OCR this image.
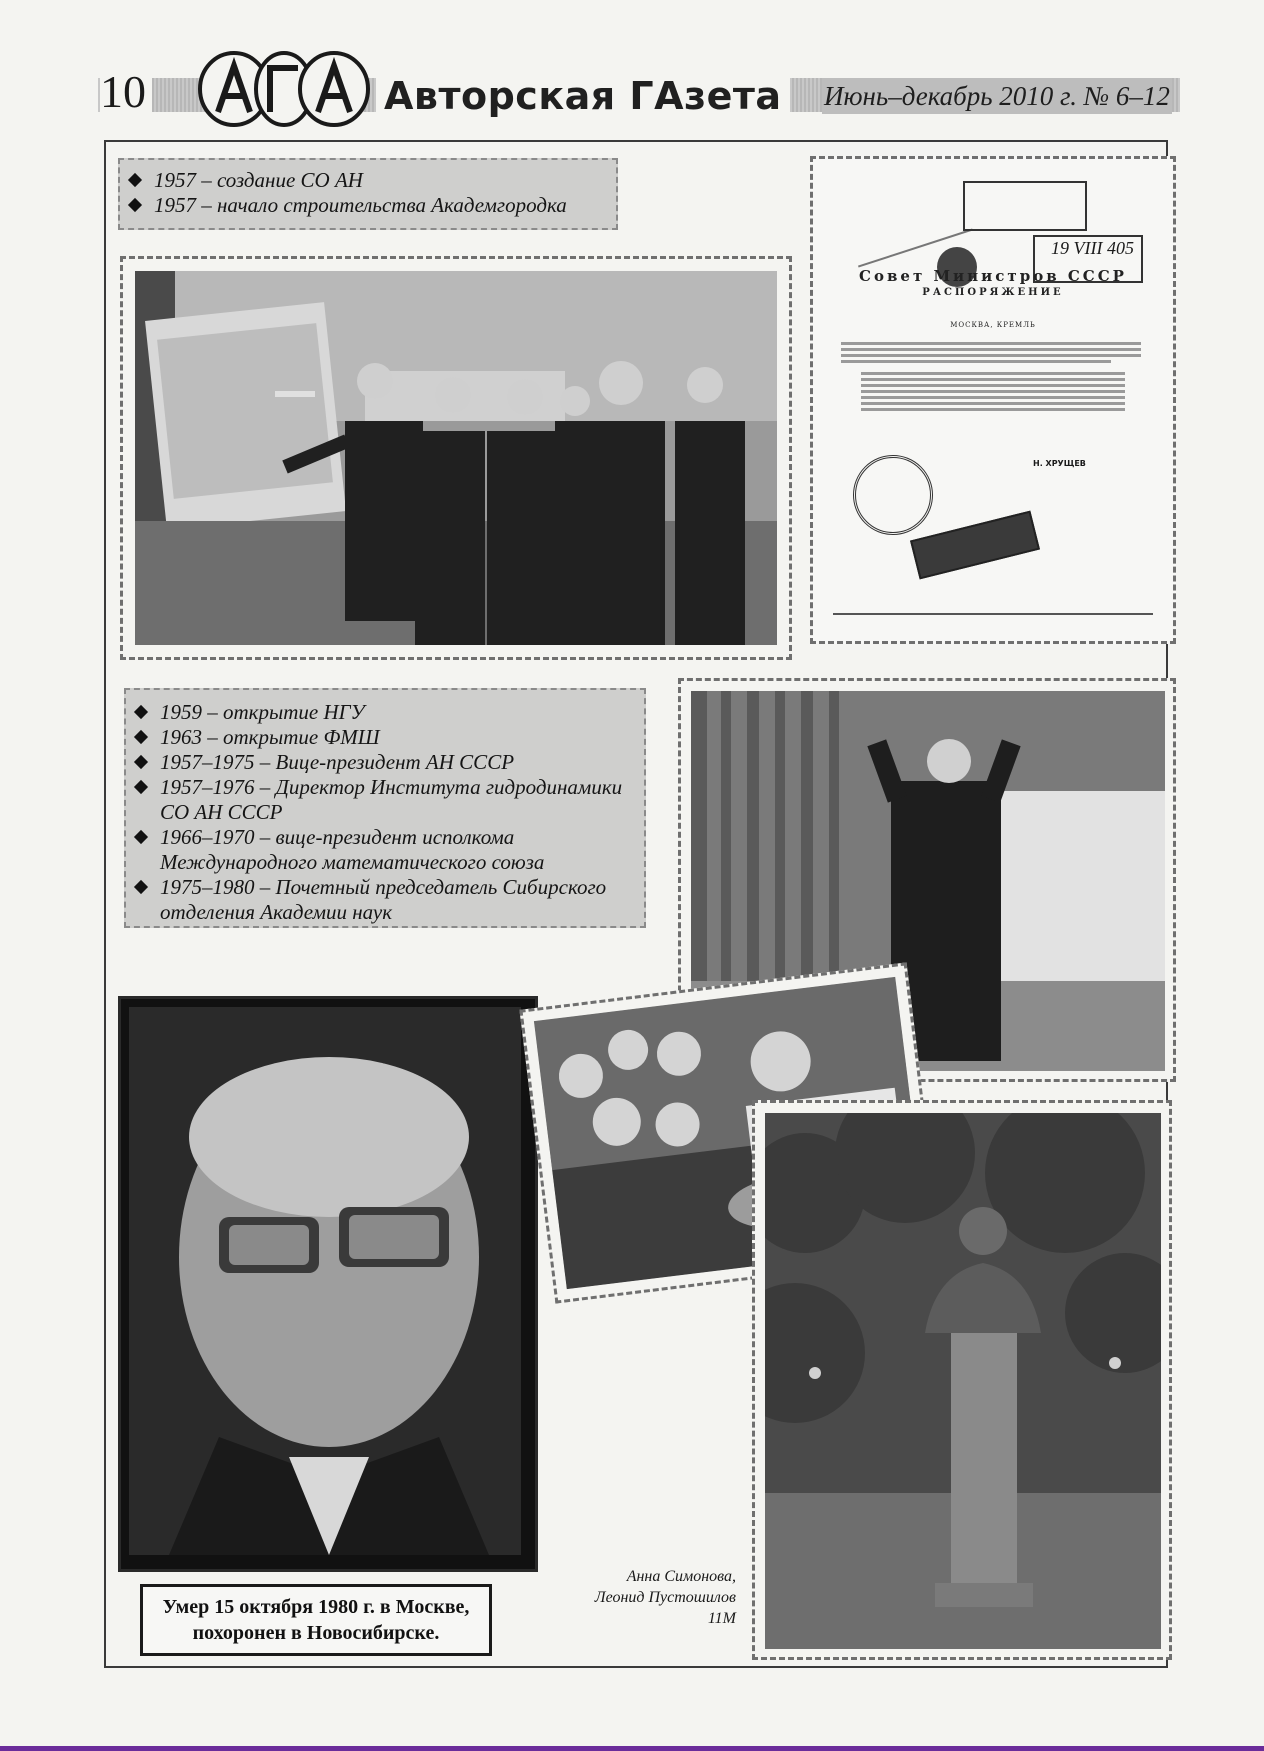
10	Авторская ГАзета Июнь–декабрь 2010 г. № 6–12
1957 – создание СО АН
1957 – начало строительства Академгородка
19 VIII 405
Совет Министров СССР
РАСПОРЯЖЕНИЕ
МОСКВА, КРЕМЛЬ
Н. ХРУЩЕВ
1959 – открытие НГУ
1963 – открытие ФМШ
1957–1975 – Вице-президент АН СССР
1957–1976 – Директор Института гидродинамики СО АН СССР
1966–1970 – вице-президент исполкома Международного математического союза
1975–1980 – Почетный председатель Сибирского отделения Академии наук
Умер 15 октября 1980 г. в Москве, похоронен в Новосибирске.
Анна Симонова,
Леонид Пустошилов
11М
